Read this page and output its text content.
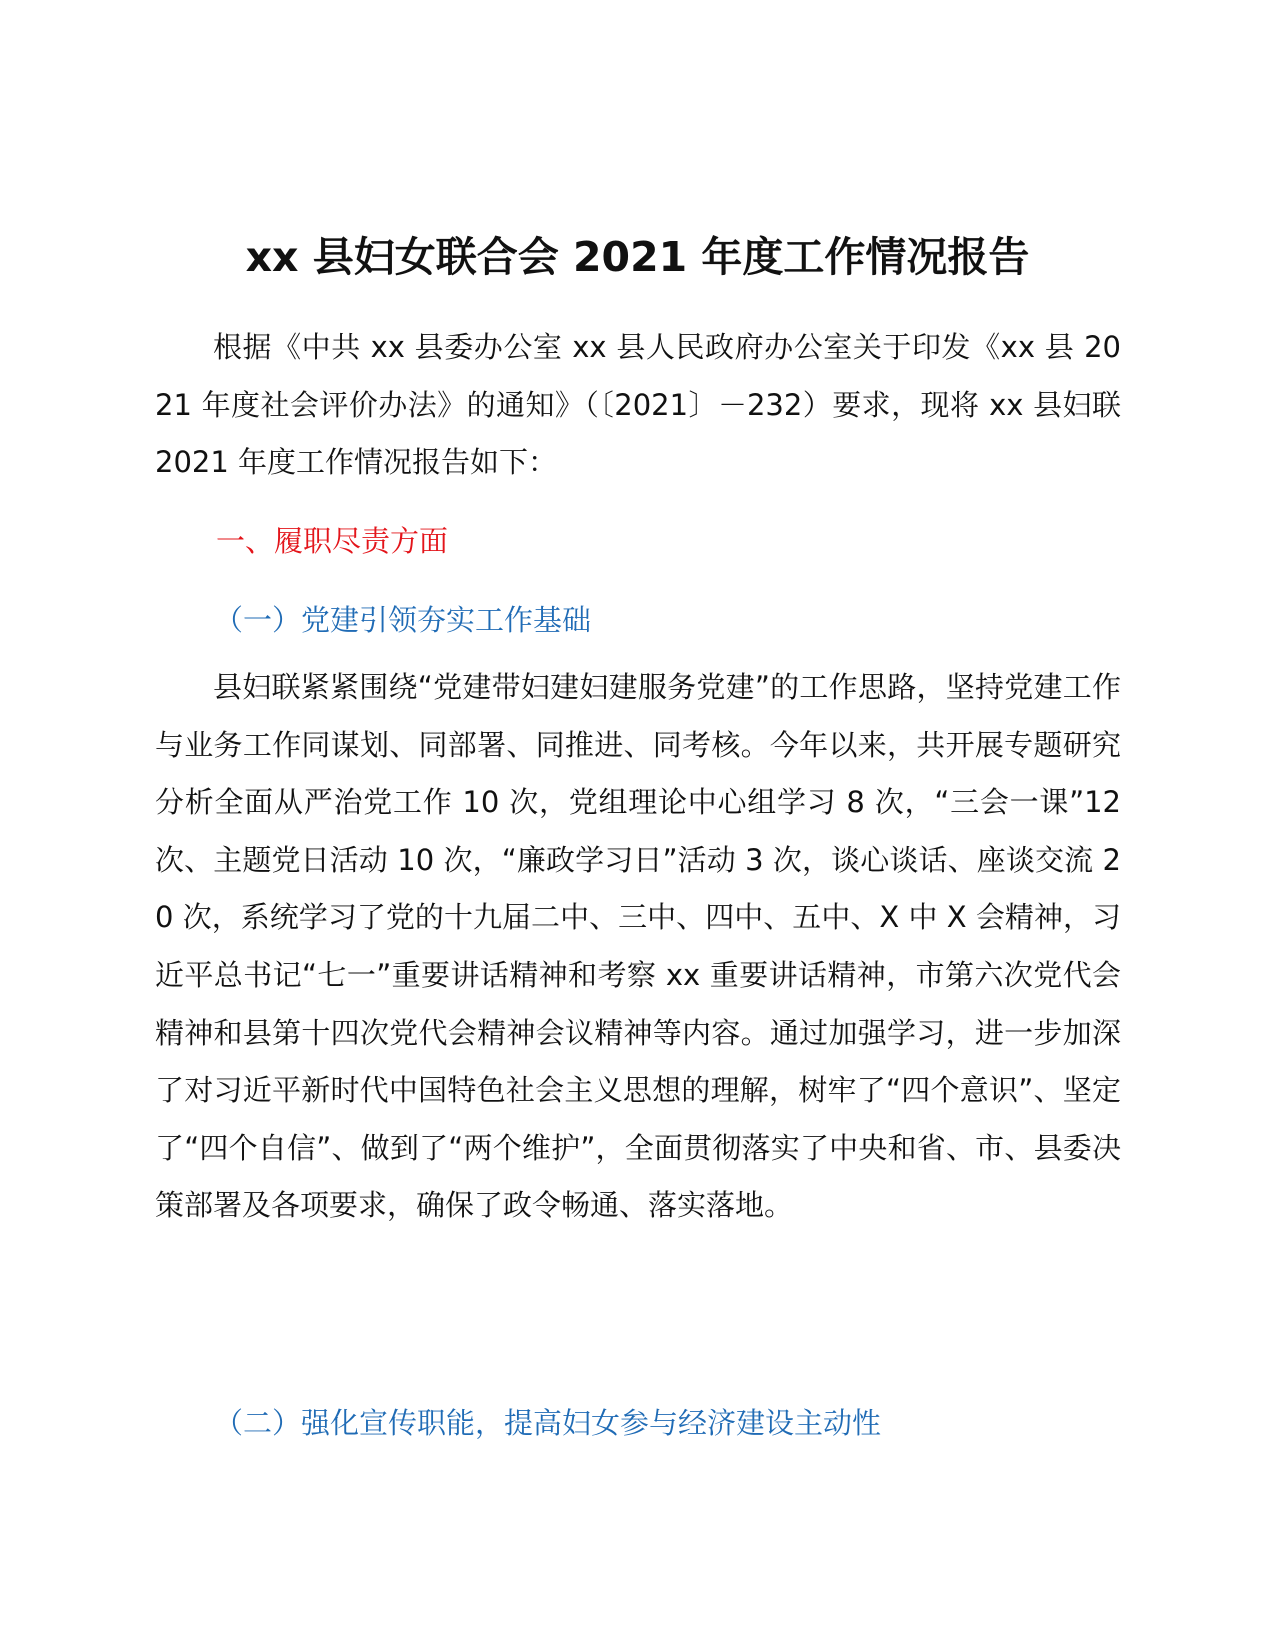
xx 县妇女联合会 2021 年度工作情况报告
根据《中共 xx 县委办公室 xx 县人民政府办公室关于印发《xx 县 2021 年度社会评价办法》的通知》（〔2021〕－232）要求，现将 xx 县妇联 2021 年度工作情况报告如下：
一、履职尽责方面
（一）党建引领夯实工作基础
县妇联紧紧围绕“党建带妇建妇建服务党建”的工作思路，坚持党建工作与业务工作同谋划、同部署、同推进、同考核。今年以来，共开展专题研究分析全面从严治党工作 10 次，党组理论中心组学习 8 次，“三会一课”12 次、主题党日活动 10 次，“廉政学习日”活动 3 次，谈心谈话、座谈交流 20 次，系统学习了党的十九届二中、三中、四中、五中、X 中 X 会精神，习近平总书记“七一”重要讲话精神和考察 xx 重要讲话精神，市第六次党代会精神和县第十四次党代会精神会议精神等内容。通过加强学习，进一步加深了对习近平新时代中国特色社会主义思想的理解，树牢了“四个意识”、坚定了“四个自信”、做到了“两个维护”，全面贯彻落实了中央和省、市、县委决策部署及各项要求，确保了政令畅通、落实落地。
（二）强化宣传职能，提高妇女参与经济建设主动性
